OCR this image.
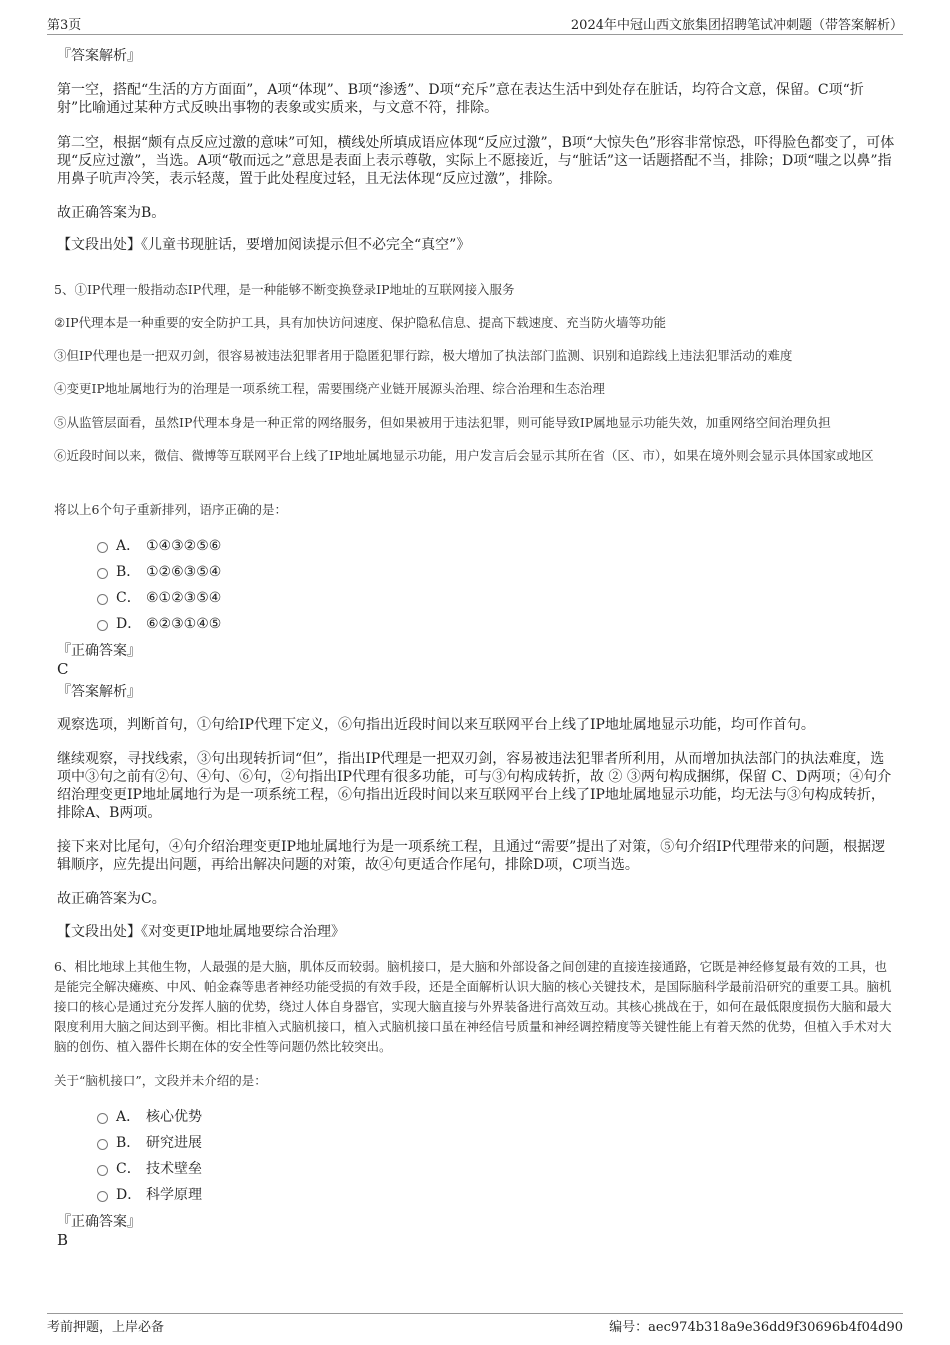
第3页	2024年中冠山西文旅集团招聘笔试冲刺题（带答案解析）

『答案解析』

第一空，搭配“生活的方方面面”，A项“体现”、B项“渗透”、D项“充斥”意在表达生活中到处存在脏话，均符合文意，保留。C项“折射”比喻通过某种方式反映出事物的表象或实质来，与文意不符，排除。

第二空，根据“颇有点反应过激的意味”可知，横线处所填成语应体现“反应过激”，B项“大惊失色”形容非常惊恐，吓得脸色都变了，可体现“反应过激”，当选。A项“敬而远之”意思是表面上表示尊敬，实际上不愿接近，与“脏话”这一话题搭配不当，排除；D项“嗤之以鼻”指用鼻子吭声冷笑，表示轻蔑，置于此处程度过轻，且无法体现“反应过激”，排除。

故正确答案为B。

【文段出处】《儿童书现脏话，要增加阅读提示但不必完全“真空”》

5、①IP代理一般指动态IP代理，是一种能够不断变换登录IP地址的互联网接入服务

②IP代理本是一种重要的安全防护工具，具有加快访问速度、保护隐私信息、提高下载速度、充当防火墙等功能

③但IP代理也是一把双刃剑，很容易被违法犯罪者用于隐匿犯罪行踪，极大增加了执法部门监测、识别和追踪线上违法犯罪活动的难度

④变更IP地址属地行为的治理是一项系统工程，需要围绕产业链开展源头治理、综合治理和生态治理

⑤从监管层面看，虽然IP代理本身是一种正常的网络服务，但如果被用于违法犯罪，则可能导致IP属地显示功能失效，加重网络空间治理负担

⑥近段时间以来，微信、微博等互联网平台上线了IP地址属地显示功能，用户发言后会显示其所在省（区、市），如果在境外则会显示具体国家或地区

将以上6个句子重新排列，语序正确的是：

A． ①④③②⑤⑥
B． ①②⑥③⑤④
C． ⑥①②③⑤④
D． ⑥②③①④⑤

『正确答案』

C

『答案解析』

观察选项，判断首句，①句给IP代理下定义，⑥句指出近段时间以来互联网平台上线了IP地址属地显示功能，均可作首句。

继续观察，寻找线索，③句出现转折词“但”，指出IP代理是一把双刃剑，容易被违法犯罪者所利用，从而增加执法部门的执法难度，选项中③句之前有②句、④句、⑥句，②句指出IP代理有很多功能，可与③句构成转折，故 ② ③两句构成捆绑，保留 C、D两项；④句介绍治理变更IP地址属地行为是一项系统工程，⑥句指出近段时间以来互联网平台上线了IP地址属地显示功能，均无法与③句构成转折，排除A、B两项。

接下来对比尾句，④句介绍治理变更IP地址属地行为是一项系统工程，且通过“需要”提出了对策，⑤句介绍IP代理带来的问题，根据逻辑顺序，应先提出问题，再给出解决问题的对策，故④句更适合作尾句，排除D项，C项当选。

故正确答案为C。

【文段出处】《对变更IP地址属地要综合治理》

6、相比地球上其他生物，人最强的是大脑，肌体反而较弱。脑机接口，是大脑和外部设备之间创建的直接连接通路，它既是神经修复最有效的工具，也是能完全解决瘫痪、中风、帕金森等患者神经功能受损的有效手段，还是全面解析认识大脑的核心关键技术，是国际脑科学最前沿研究的重要工具。脑机接口的核心是通过充分发挥人脑的优势，绕过人体自身器官，实现大脑直接与外界装备进行高效互动。其核心挑战在于，如何在最低限度损伤大脑和最大限度利用大脑之间达到平衡。相比非植入式脑机接口，植入式脑机接口虽在神经信号质量和神经调控精度等关键性能上有着天然的优势，但植入手术对大脑的创伤、植入器件长期在体的安全性等问题仍然比较突出。

关于“脑机接口”，文段并未介绍的是：

A． 核心优势
B． 研究进展
C． 技术壁垒
D． 科学原理

『正确答案』

B
考前押题，上岸必备	编号：aec974b318a9e36dd9f30696b4f04d90
